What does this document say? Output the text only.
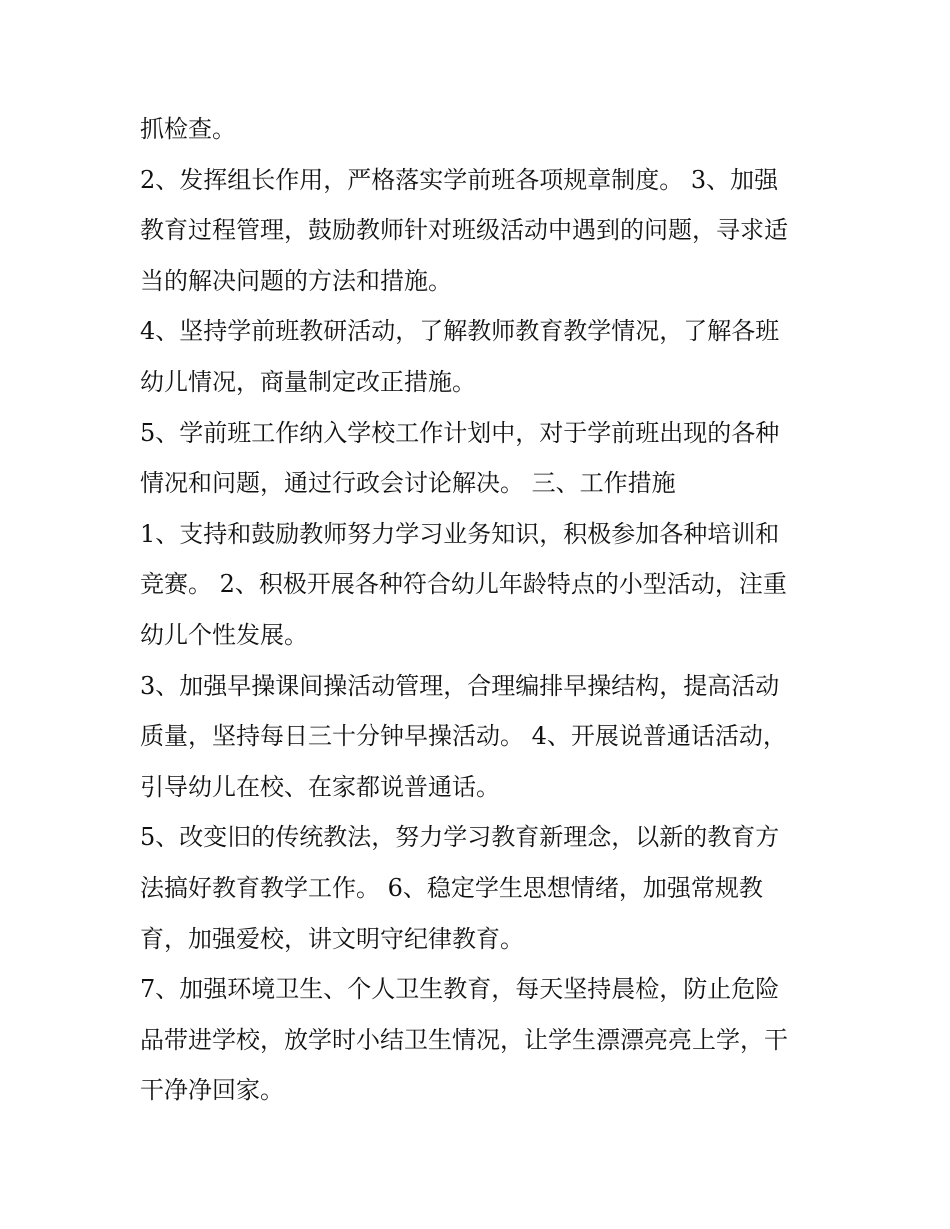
抓检查。

2、发挥组长作用，严格落实学前班各项规章制度。 3、加强

教育过程管理，鼓励教师针对班级活动中遇到的问题，寻求适

当的解决问题的方法和措施。

4、坚持学前班教研活动，了解教师教育教学情况，了解各班

幼儿情况，商量制定改正措施。

5、学前班工作纳入学校工作计划中，对于学前班出现的各种

情况和问题，通过行政会讨论解决。 三、工作措施

1、支持和鼓励教师努力学习业务知识，积极参加各种培训和

竞赛。 2、积极开展各种符合幼儿年龄特点的小型活动，注重

幼儿个性发展。

3、加强早操课间操活动管理，合理编排早操结构，提高活动

质量，坚持每日三十分钟早操活动。 4、开展说普通话活动，

引导幼儿在校、在家都说普通话。

5、改变旧的传统教法，努力学习教育新理念，以新的教育方

法搞好教育教学工作。 6、稳定学生思想情绪，加强常规教

育，加强爱校，讲文明守纪律教育。

7、加强环境卫生、个人卫生教育，每天坚持晨检，防止危险

品带进学校，放学时小结卫生情况，让学生漂漂亮亮上学，干

干净净回家。
